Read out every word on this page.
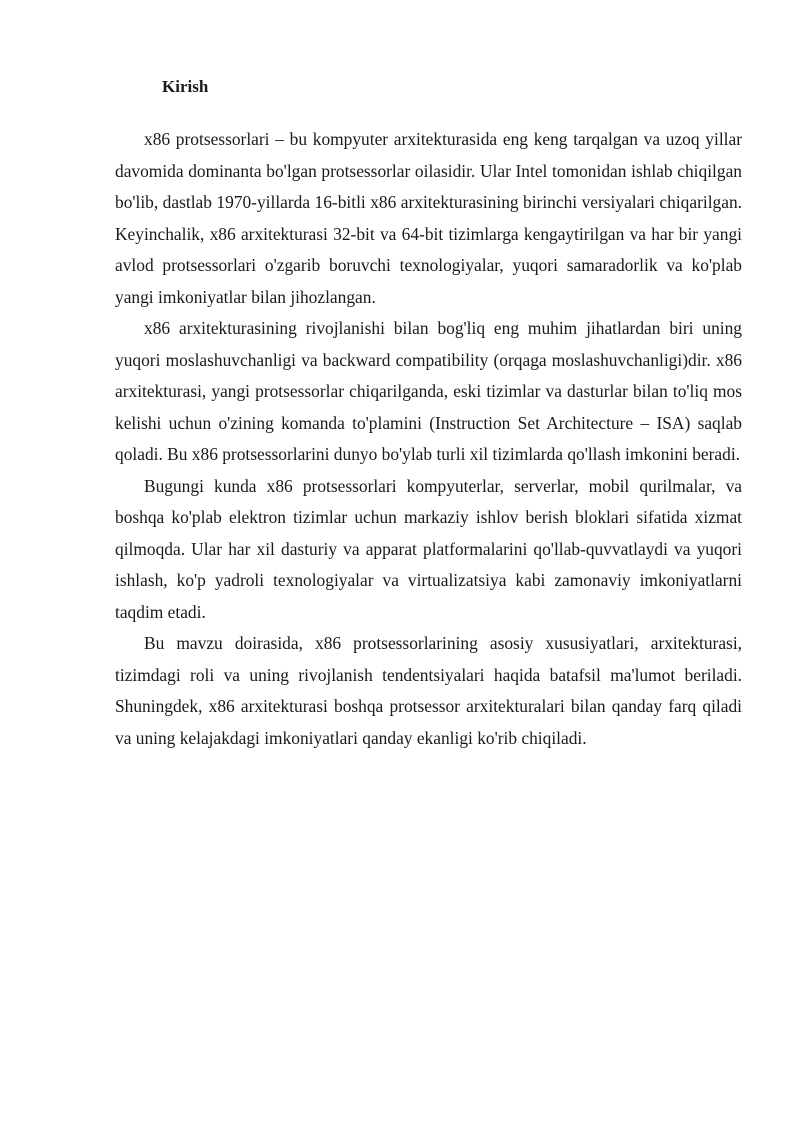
Kirish

x86 protsessorlari – bu kompyuter arxitekturasida eng keng tarqalgan va uzoq yillar davomida dominanta bo'lgan protsessorlar oilasidir. Ular Intel tomonidan ishlab chiqilgan bo'lib, dastlab 1970-yillarda 16-bitli x86 arxitekturasining birinchi versiyalari chiqarilgan. Keyinchalik, x86 arxitekturasi 32-bit va 64-bit tizimlarga kengaytirilgan va har bir yangi avlod protsessorlari o'zgarib boruvchi texnologiyalar, yuqori samaradorlik va ko'plab yangi imkoniyatlar bilan jihozlangan.

x86 arxitekturasining rivojlanishi bilan bog'liq eng muhim jihatlardan biri uning yuqori moslashuvchanligi va backward compatibility (orqaga moslashuvchanligi)dir. x86 arxitekturasi, yangi protsessorlar chiqarilganda, eski tizimlar va dasturlar bilan to'liq mos kelishi uchun o'zining komanda to'plamini (Instruction Set Architecture – ISA) saqlab qoladi. Bu x86 protsessorlarini dunyo bo'ylab turli xil tizimlarda qo'llash imkonini beradi.

Bugungi kunda x86 protsessorlari kompyuterlar, serverlar, mobil qurilmalar, va boshqa ko'plab elektron tizimlar uchun markaziy ishlov berish bloklari sifatida xizmat qilmoqda. Ular har xil dasturiy va apparat platformalarini qo'llab-quvvatlaydi va yuqori ishlash, ko'p yadroli texnologiyalar va virtualizatsiya kabi zamonaviy imkoniyatlarni taqdim etadi.

Bu mavzu doirasida, x86 protsessorlarining asosiy xususiyatlari, arxitekturasi, tizimdagi roli va uning rivojlanish tendentsiyalari haqida batafsil ma'lumot beriladi. Shuningdek, x86 arxitekturasi boshqa protsessor arxitekturalari bilan qanday farq qiladi va uning kelajakdagi imkoniyatlari qanday ekanligi ko'rib chiqiladi.
